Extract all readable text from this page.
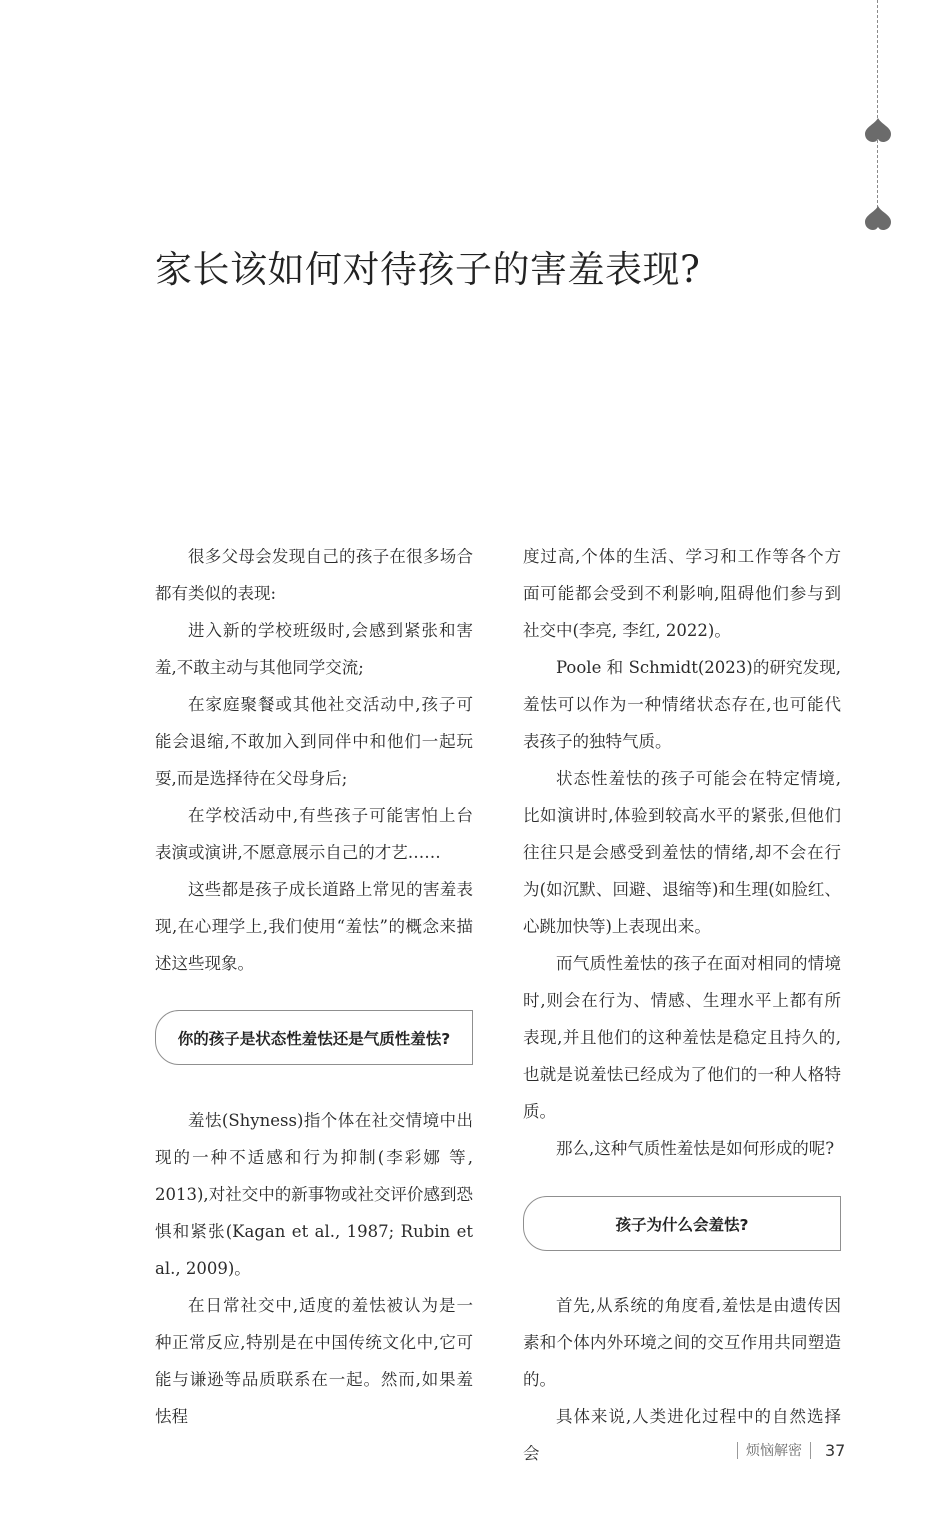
家长该如何对待孩子的害羞表现?

很多父母会发现自己的孩子在很多场合都有类似的表现:

进入新的学校班级时,会感到紧张和害羞,不敢主动与其他同学交流;

在家庭聚餐或其他社交活动中,孩子可能会退缩,不敢加入到同伴中和他们一起玩耍,而是选择待在父母身后;

在学校活动中,有些孩子可能害怕上台表演或演讲,不愿意展示自己的才艺……

这些都是孩子成长道路上常见的害羞表现,在心理学上,我们使用“羞怯”的概念来描述这些现象。

你的孩子是状态性羞怯还是气质性羞怯?

羞怯(Shyness)指个体在社交情境中出现的一种不适感和行为抑制(李彩娜 等, 2013),对社交中的新事物或社交评价感到恐惧和紧张(Kagan et al., 1987; Rubin et al., 2009)。

在日常社交中,适度的羞怯被认为是一种正常反应,特别是在中国传统文化中,它可能与谦逊等品质联系在一起。然而,如果羞怯程

度过高,个体的生活、学习和工作等各个方面可能都会受到不利影响,阻碍他们参与到社交中(李亮, 李红, 2022)。

Poole 和 Schmidt(2023)的研究发现,羞怯可以作为一种情绪状态存在,也可能代表孩子的独特气质。

状态性羞怯的孩子可能会在特定情境,比如演讲时,体验到较高水平的紧张,但他们往往只是会感受到羞怯的情绪,却不会在行为(如沉默、回避、退缩等)和生理(如脸红、心跳加快等)上表现出来。

而气质性羞怯的孩子在面对相同的情境时,则会在行为、情感、生理水平上都有所表现,并且他们的这种羞怯是稳定且持久的,也就是说羞怯已经成为了他们的一种人格特质。

那么,这种气质性羞怯是如何形成的呢?

孩子为什么会羞怯?

首先,从系统的角度看,羞怯是由遗传因素和个体内外环境之间的交互作用共同塑造的。

具体来说,人类进化过程中的自然选择会	烦恼解密 37
